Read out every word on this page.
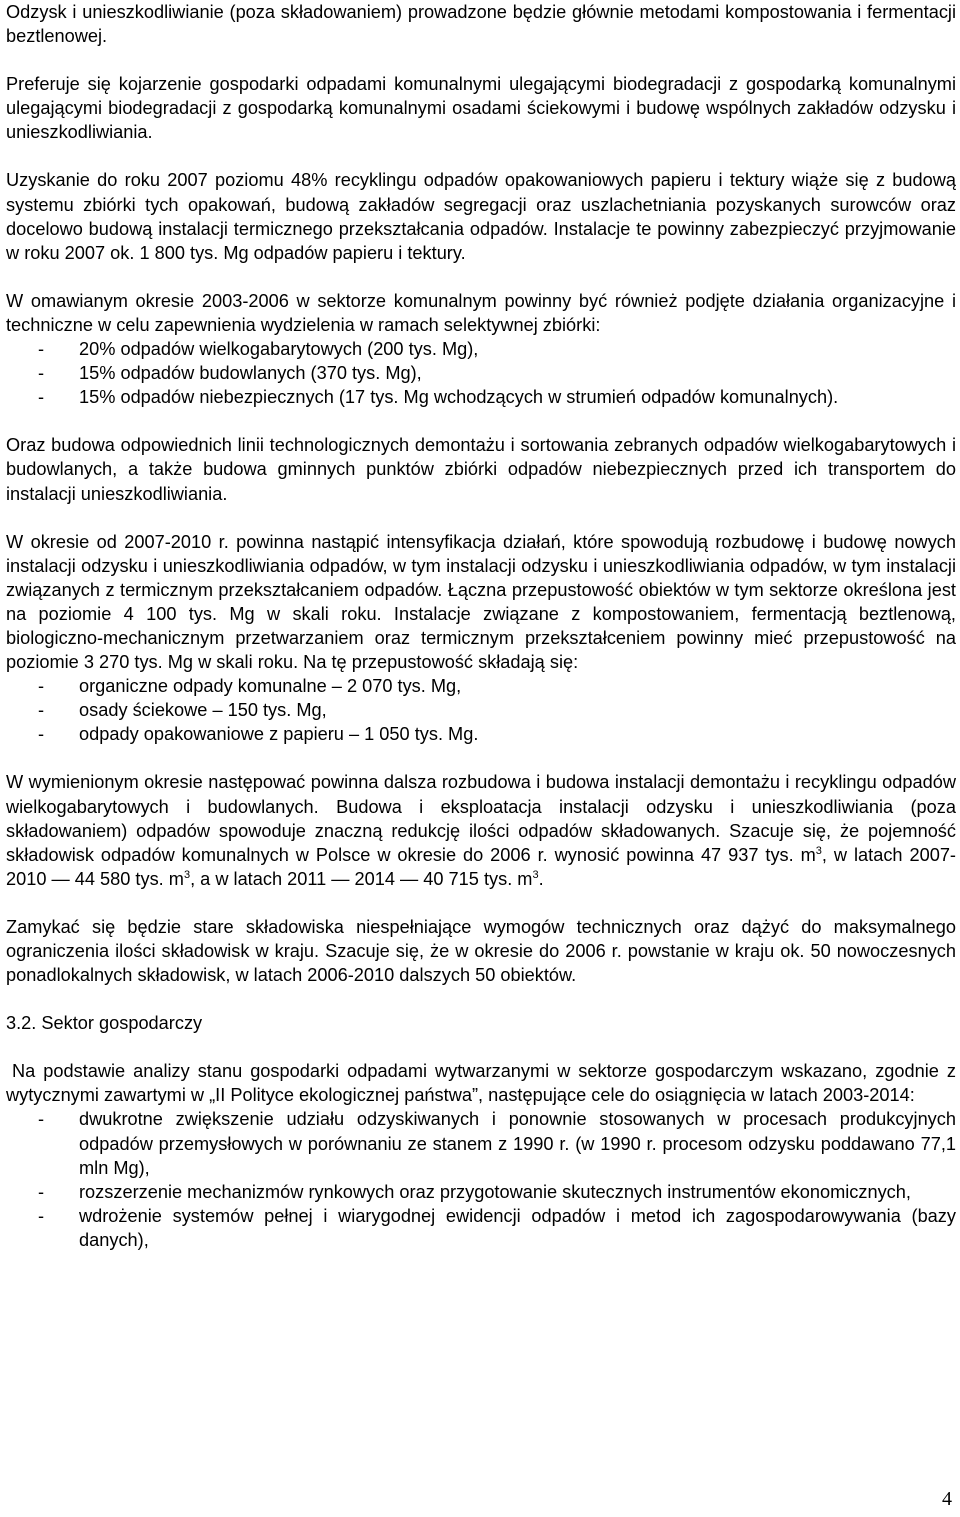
Odzysk i unieszkodliwianie (poza składowaniem) prowadzone będzie głównie metodami kompostowania i fermentacji beztlenowej.

Preferuje się kojarzenie gospodarki odpadami komunalnymi ulegającymi biodegradacji z gospodarką komunalnymi ulegającymi biodegradacji z gospodarką komunalnymi osadami ściekowymi i budowę wspólnych zakładów odzysku i unieszkodliwiania.

Uzyskanie do roku 2007 poziomu 48% recyklingu odpadów opakowaniowych papieru i tektury wiąże się z budową systemu zbiórki tych opakowań, budową zakładów segregacji oraz uszlachetniania pozyskanych surowców oraz docelowo budową instalacji termicznego przekształcania odpadów. Instalacje te powinny zabezpieczyć przyjmowanie w roku 2007 ok. 1 800 tys. Mg odpadów papieru i tektury.

W omawianym okresie 2003-2006 w sektorze komunalnym powinny być również podjęte działania organizacyjne i techniczne w celu zapewnienia wydzielenia w ramach selektywnej zbiórki:

- 20% odpadów wielkogabarytowych (200 tys. Mg),
- 15% odpadów budowlanych (370 tys. Mg),
- 15% odpadów niebezpiecznych (17 tys. Mg wchodzących w strumień odpadów komunalnych).

Oraz budowa odpowiednich linii technologicznych demontażu i sortowania zebranych odpadów wielkogabarytowych i budowlanych, a także budowa gminnych punktów zbiórki odpadów niebezpiecznych przed ich transportem do instalacji unieszkodliwiania.

W okresie od 2007-2010 r. powinna nastąpić intensyfikacja działań, które spowodują rozbudowę i budowę nowych instalacji odzysku i unieszkodliwiania odpadów, w tym instalacji odzysku i unieszkodliwiania odpadów, w tym instalacji związanych z termicznym przekształcaniem odpadów. Łączna przepustowość obiektów w tym sektorze określona jest na poziomie 4 100 tys. Mg w skali roku. Instalacje związane z kompostowaniem, fermentacją beztlenową, biologiczno-mechanicznym przetwarzaniem oraz termicznym przekształceniem powinny mieć przepustowość na poziomie 3 270 tys. Mg w skali roku. Na tę przepustowość składają się:

- organiczne odpady komunalne – 2 070 tys. Mg,
- osady ściekowe – 150 tys. Mg,
- odpady opakowaniowe z papieru – 1 050 tys. Mg.

W wymienionym okresie następować powinna dalsza rozbudowa i budowa instalacji demontażu i recyklingu odpadów wielkogabarytowych i budowlanych. Budowa i eksploatacja instalacji odzysku i unieszkodliwiania (poza składowaniem) odpadów spowoduje znaczną redukcję ilości odpadów składowanych. Szacuje się, że pojemność składowisk odpadów komunalnych w Polsce w okresie do 2006 r. wynosić powinna 47 937 tys. $m^3$, w latach 2007-2010 — 44 580 tys. $m^3$, a w latach 2011 — 2014 — 40 715 tys. $m^3$.

Zamykać się będzie stare składowiska niespełniające wymogów technicznych oraz dążyć do maksymalnego ograniczenia ilości składowisk w kraju. Szacuje się, że w okresie do 2006 r. powstanie w kraju ok. 50 nowoczesnych ponadlokalnych składowisk, w latach 2006-2010 dalszych 50 obiektów.

3.2. Sektor gospodarczy

Na podstawie analizy stanu gospodarki odpadami wytwarzanymi w sektorze gospodarczym wskazano, zgodnie z wytycznymi zawartymi w „II Polityce ekologicznej państwa”, następujące cele do osiągnięcia w latach 2003-2014:

- dwukrotne zwiększenie udziału odzyskiwanych i ponownie stosowanych w procesach produkcyjnych odpadów przemysłowych w porównaniu ze stanem z 1990 r. (w 1990 r. procesom odzysku poddawano 77,1 mln Mg),
- rozszerzenie mechanizmów rynkowych oraz przygotowanie skutecznych instrumentów ekonomicznych,
- wdrożenie systemów pełnej i wiarygodnej ewidencji odpadów i metod ich zagospodarowywania (bazy danych),
4
